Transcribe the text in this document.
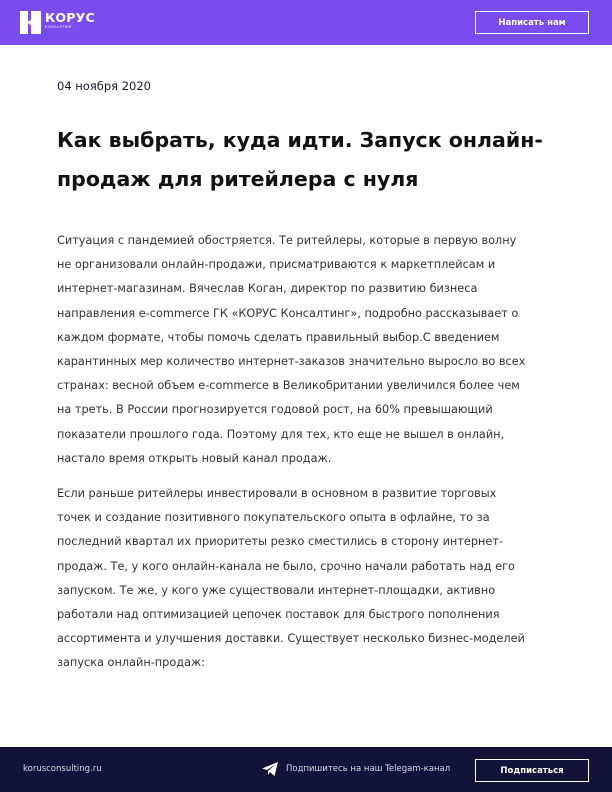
КОРУС
КОНСАЛТИНГ	Написать нам
04 ноября 2020
Как выбрать, куда идти. Запуск онлайн-
продаж для ритейлера с нуля

Ситуация с пандемией обостряется. Те ритейлеры, которые в первую волну
не организовали онлайн-продажи, присматриваются к маркетплейсам и
интернет-магазинам. Вячеслав Коган, директор по развитию бизнеса
направления e-commerce ГК «КОРУС Консалтинг», подробно рассказывает о
каждом формате, чтобы помочь сделать правильный выбор.С введением
карантинных мер количество интернет-заказов значительно выросло во всех
странах: весной объем e-commerce в Великобритании увеличился более чем
на треть. В России прогнозируется годовой рост, на 60% превышающий
показатели прошлого года. Поэтому для тех, кто еще не вышел в онлайн,
настало время открыть новый канал продаж.

Если раньше ритейлеры инвестировали в основном в развитие торговых
точек и создание позитивного покупательского опыта в офлайне, то за
последний квартал их приоритеты резко сместились в сторону интернет-
продаж. Те, у кого онлайн-канала не было, срочно начали работать над его
запуском. Те же, у кого уже существовали интернет-площадки, активно
работали над оптимизацией цепочек поставок для быстрого пополнения
ассортимента и улучшения доставки. Существует несколько бизнес-моделей
запуска онлайн-продаж:

korusconsulting.ru	Подпишитесь на наш Telegam-канал	Подписаться
